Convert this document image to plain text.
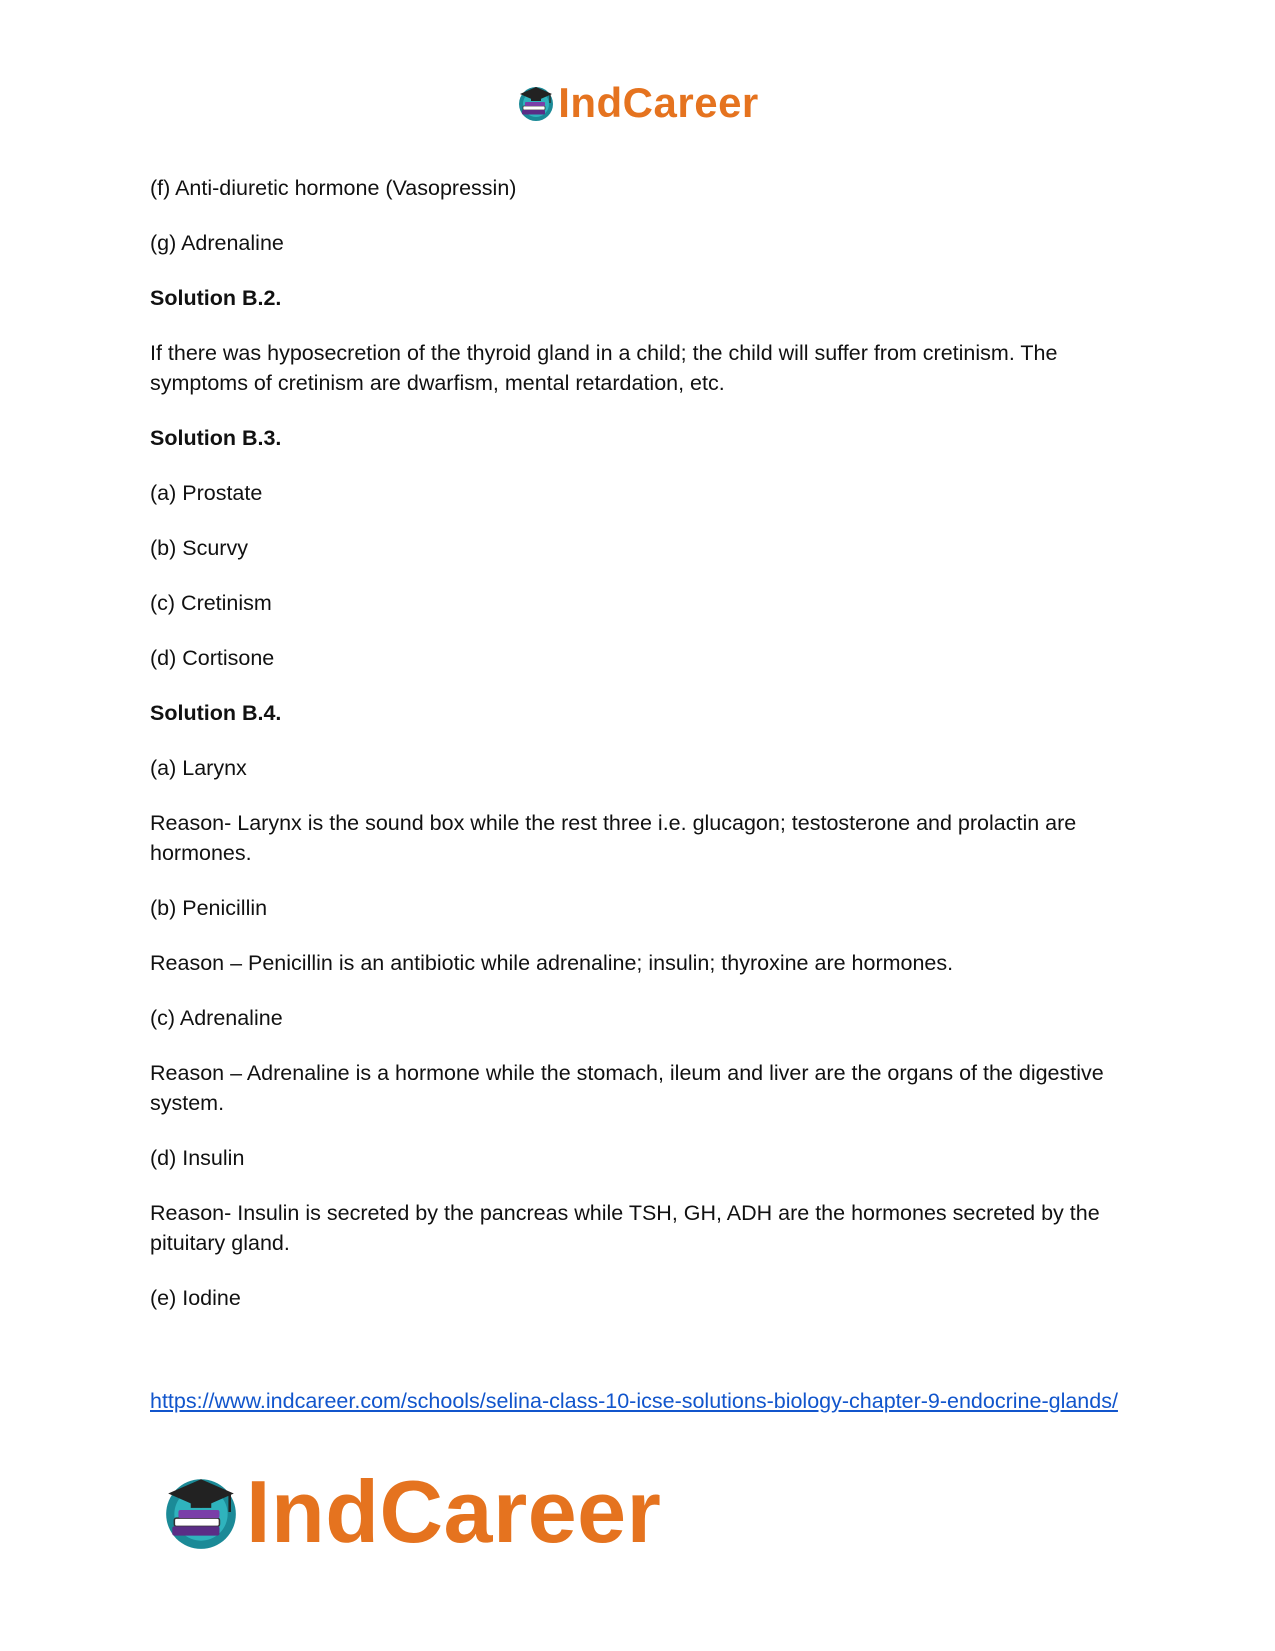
IndCareer

(f) Anti-diuretic hormone (Vasopressin)

(g) Adrenaline

Solution B.2.

If there was hyposecretion of the thyroid gland in a child; the child will suffer from cretinism. The symptoms of cretinism are dwarfism, mental retardation, etc.

Solution B.3.

(a) Prostate

(b) Scurvy

(c) Cretinism

(d) Cortisone

Solution B.4.

(a) Larynx

Reason- Larynx is the sound box while the rest three i.e. glucagon; testosterone and prolactin are hormones.

(b) Penicillin

Reason – Penicillin is an antibiotic while adrenaline; insulin; thyroxine are hormones.

(c) Adrenaline

Reason – Adrenaline is a hormone while the stomach, ileum and liver are the organs of the digestive system.

(d) Insulin

Reason- Insulin is secreted by the pancreas while TSH, GH, ADH are the hormones secreted by the pituitary gland.

(e) Iodine

https://www.indcareer.com/schools/selina-class-10-icse-solutions-biology-chapter-9-endocrine-glands/
IndCareer
